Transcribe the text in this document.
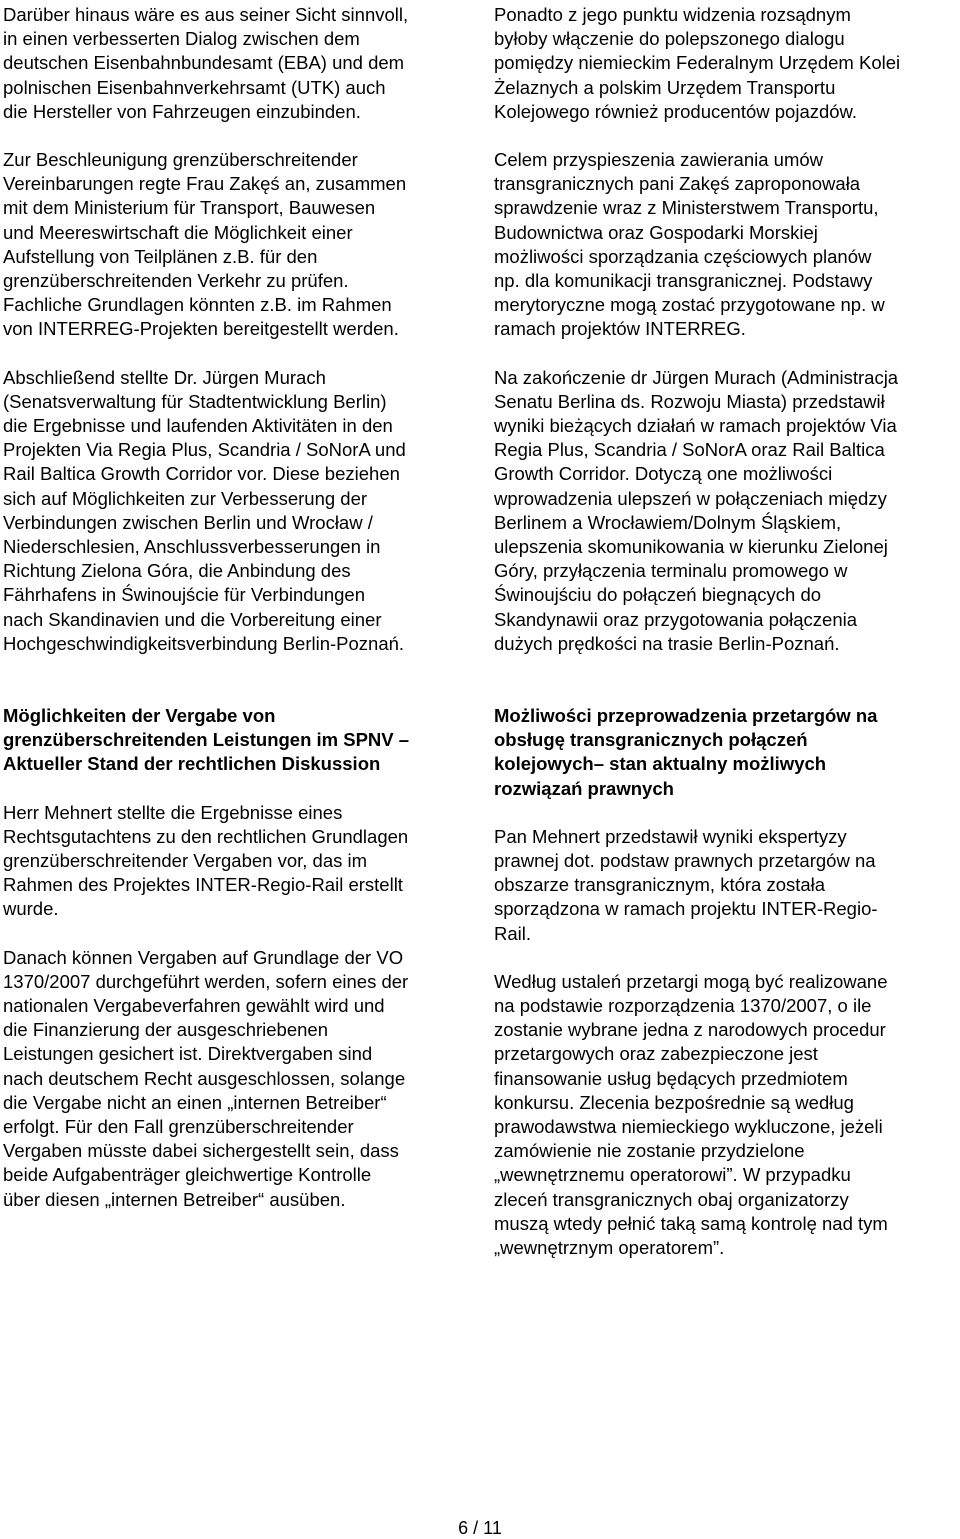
Darüber hinaus wäre es aus seiner Sicht sinnvoll,
in einen verbesserten Dialog zwischen dem
deutschen Eisenbahnbundesamt (EBA) und dem
polnischen Eisenbahnverkehrsamt (UTK) auch
die Hersteller von Fahrzeugen einzubinden.

Zur Beschleunigung grenzüberschreitender
Vereinbarungen regte Frau Zakęś an, zusammen
mit dem Ministerium für Transport, Bauwesen
und Meereswirtschaft die Möglichkeit einer
Aufstellung von Teilplänen z.B. für den
grenzüberschreitenden Verkehr zu prüfen.
Fachliche Grundlagen könnten z.B. im Rahmen
von INTERREG-Projekten bereitgestellt werden.

Abschließend stellte Dr. Jürgen Murach
(Senatsverwaltung für Stadtentwicklung Berlin)
die Ergebnisse und laufenden Aktivitäten in den
Projekten Via Regia Plus, Scandria / SoNorA und
Rail Baltica Growth Corridor vor. Diese beziehen
sich auf Möglichkeiten zur Verbesserung der
Verbindungen zwischen Berlin und Wrocław /
Niederschlesien, Anschlussverbesserungen in
Richtung Zielona Góra, die Anbindung des
Fährhafens in Świnoujście für Verbindungen
nach Skandinavien und die Vorbereitung einer
Hochgeschwindigkeitsverbindung Berlin-Poznań.

Ponadto z jego punktu widzenia rozsądnym
byłoby włączenie do polepszonego dialogu
pomiędzy niemieckim Federalnym Urzędem Kolei
Żelaznych a polskim Urzędem Transportu
Kolejowego również producentów pojazdów.

Celem przyspieszenia zawierania umów
transgranicznych pani Zakęś zaproponowała
sprawdzenie wraz z Ministerstwem Transportu,
Budownictwa oraz Gospodarki Morskiej
możliwości sporządzania częściowych planów
np. dla komunikacji transgranicznej. Podstawy
merytoryczne mogą zostać przygotowane np. w
ramach projektów INTERREG.

Na zakończenie dr Jürgen Murach (Administracja
Senatu Berlina ds. Rozwoju Miasta) przedstawił
wyniki bieżących działań w ramach projektów Via
Regia Plus, Scandria / SoNorA oraz Rail Baltica
Growth Corridor. Dotyczą one możliwości
wprowadzenia ulepszeń w połączeniach między
Berlinem a Wrocławiem/Dolnym Śląskiem,
ulepszenia skomunikowania w kierunku Zielonej
Góry, przyłączenia terminalu promowego w
Świnoujściu do połączeń biegnących do
Skandynawii oraz przygotowania połączenia
dużych prędkości na trasie Berlin-Poznań.

Möglichkeiten der Vergabe von
grenzüberschreitenden Leistungen im SPNV –
Aktueller Stand der rechtlichen Diskussion

Herr Mehnert stellte die Ergebnisse eines
Rechtsgutachtens zu den rechtlichen Grundlagen
grenzüberschreitender Vergaben vor, das im
Rahmen des Projektes INTER-Regio-Rail erstellt
wurde.

Danach können Vergaben auf Grundlage der VO
1370/2007 durchgeführt werden, sofern eines der
nationalen Vergabeverfahren gewählt wird und
die Finanzierung der ausgeschriebenen
Leistungen gesichert ist. Direktvergaben sind
nach deutschem Recht ausgeschlossen, solange
die Vergabe nicht an einen „internen Betreiber“
erfolgt. Für den Fall grenzüberschreitender
Vergaben müsste dabei sichergestellt sein, dass
beide Aufgabenträger gleichwertige Kontrolle
über diesen „internen Betreiber“ ausüben.

Możliwości przeprowadzenia przetargów na
obsługę transgranicznych połączeń
kolejowych– stan aktualny możliwych
rozwiązań prawnych

Pan Mehnert przedstawił wyniki ekspertyzy
prawnej dot. podstaw prawnych przetargów na
obszarze transgranicznym, która została
sporządzona w ramach projektu INTER-Regio-
Rail.

Według ustaleń przetargi mogą być realizowane
na podstawie rozporządzenia 1370/2007, o ile
zostanie wybrane jedna z narodowych procedur
przetargowych oraz zabezpieczone jest
finansowanie usług będących przedmiotem
konkursu. Zlecenia bezpośrednie są według
prawodawstwa niemieckiego wykluczone, jeżeli
zamówienie nie zostanie przydzielone
„wewnętrznemu operatorowi”. W przypadku
zleceń transgranicznych obaj organizatorzy
muszą wtedy pełnić taką samą kontrolę nad tym
„wewnętrznym operatorem”.

6 / 11
